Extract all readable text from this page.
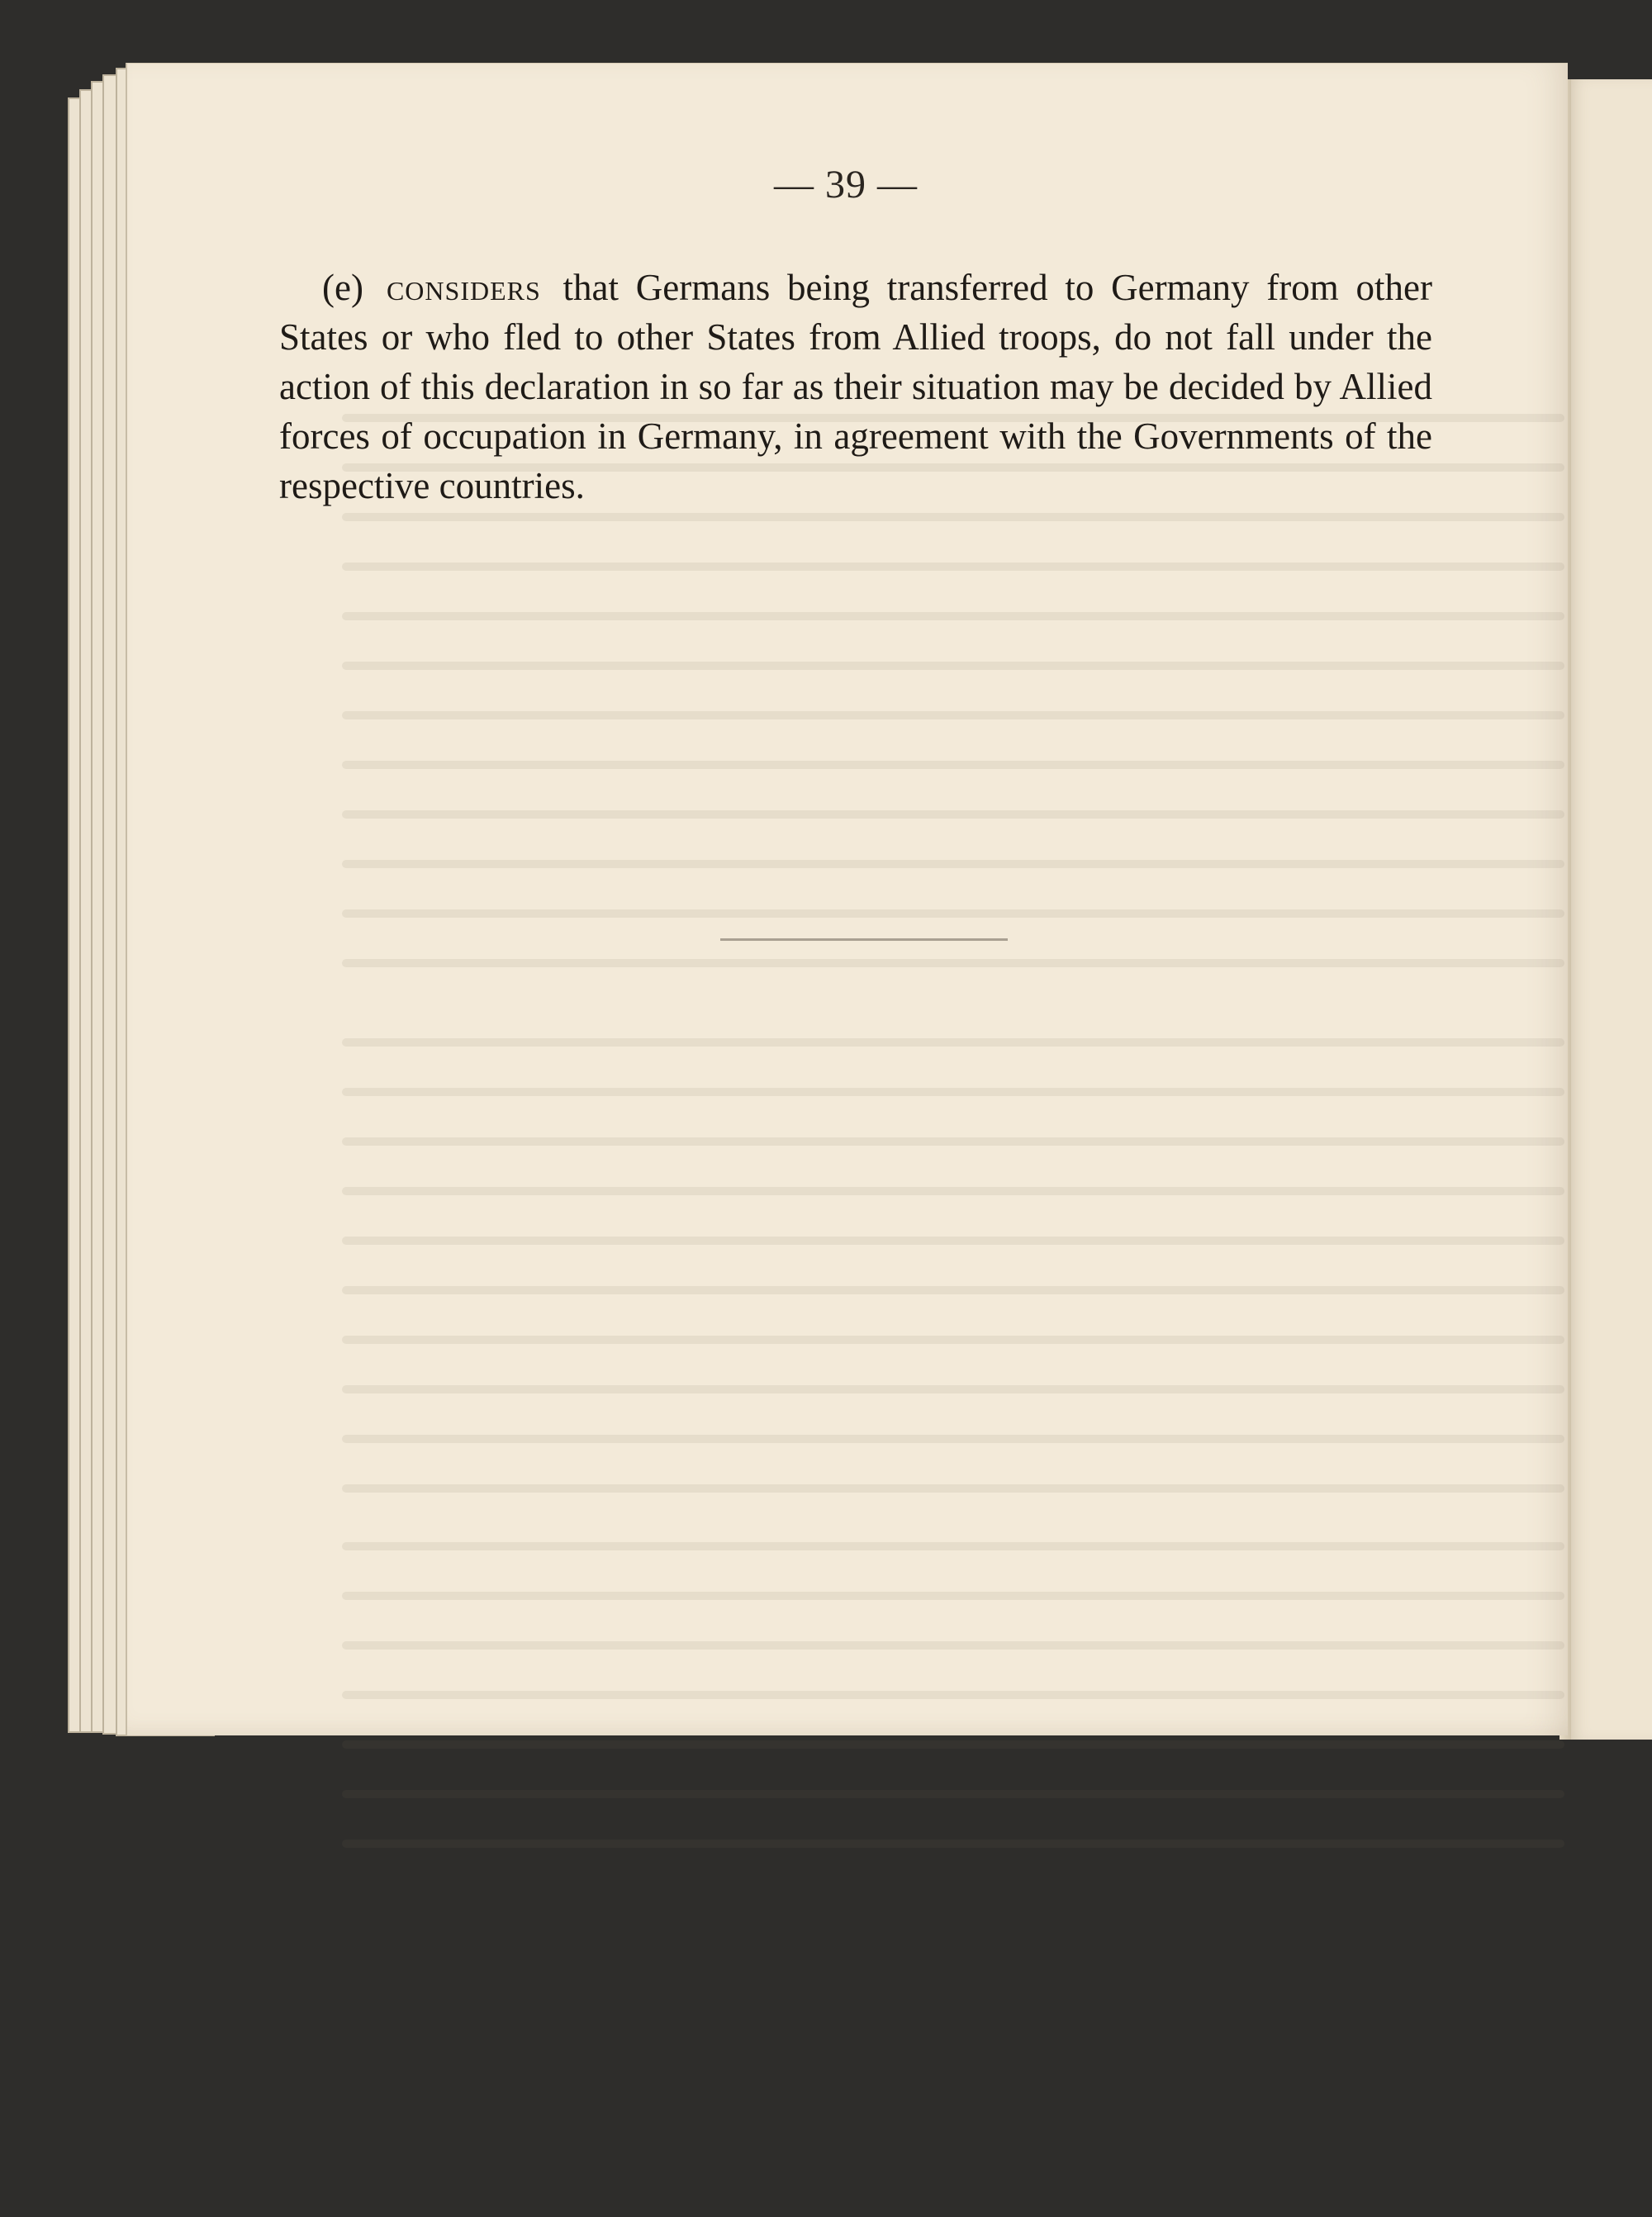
— 39 —
(e) considers that Germans being transferred to Germany from other States or who fled to other States from Allied troops, do not fall under the action of this declaration in so far as their situation may be decided by Allied forces of occupation in Germany, in agreement with the Governments of the respective countries.
